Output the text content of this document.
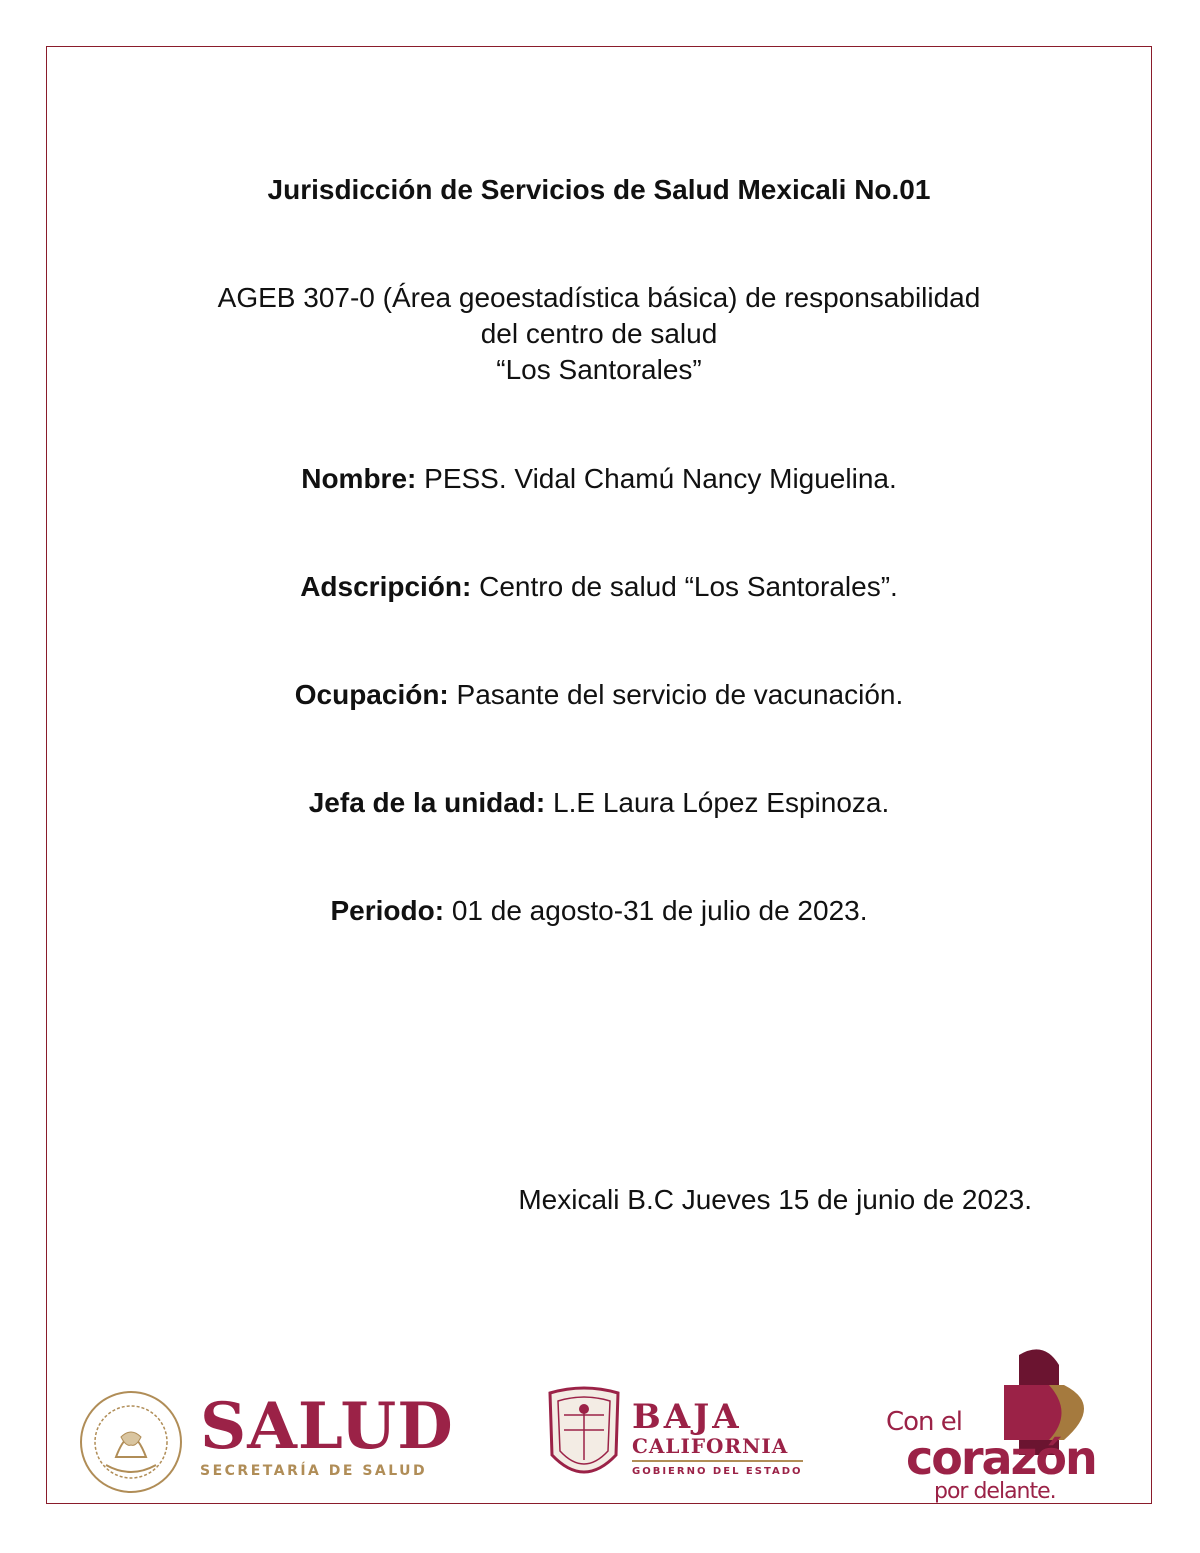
Jurisdicción de Servicios de Salud Mexicali No.01
AGEB 307-0 (Área geoestadística básica) de responsabilidad
del centro de salud
“Los Santorales”
Nombre: PESS. Vidal Chamú Nancy Miguelina.
Adscripción: Centro de salud “Los Santorales”.
Ocupación: Pasante del servicio de vacunación.
Jefa de la unidad: L.E Laura López Espinoza.
Periodo: 01 de agosto-31 de julio de 2023.
Mexicali B.C Jueves 15 de junio de 2023.
SALUD
SECRETARÍA DE SALUD
BAJA
CALIFORNIA
GOBIERNO DEL ESTADO
Con el
corazón
por delante.
